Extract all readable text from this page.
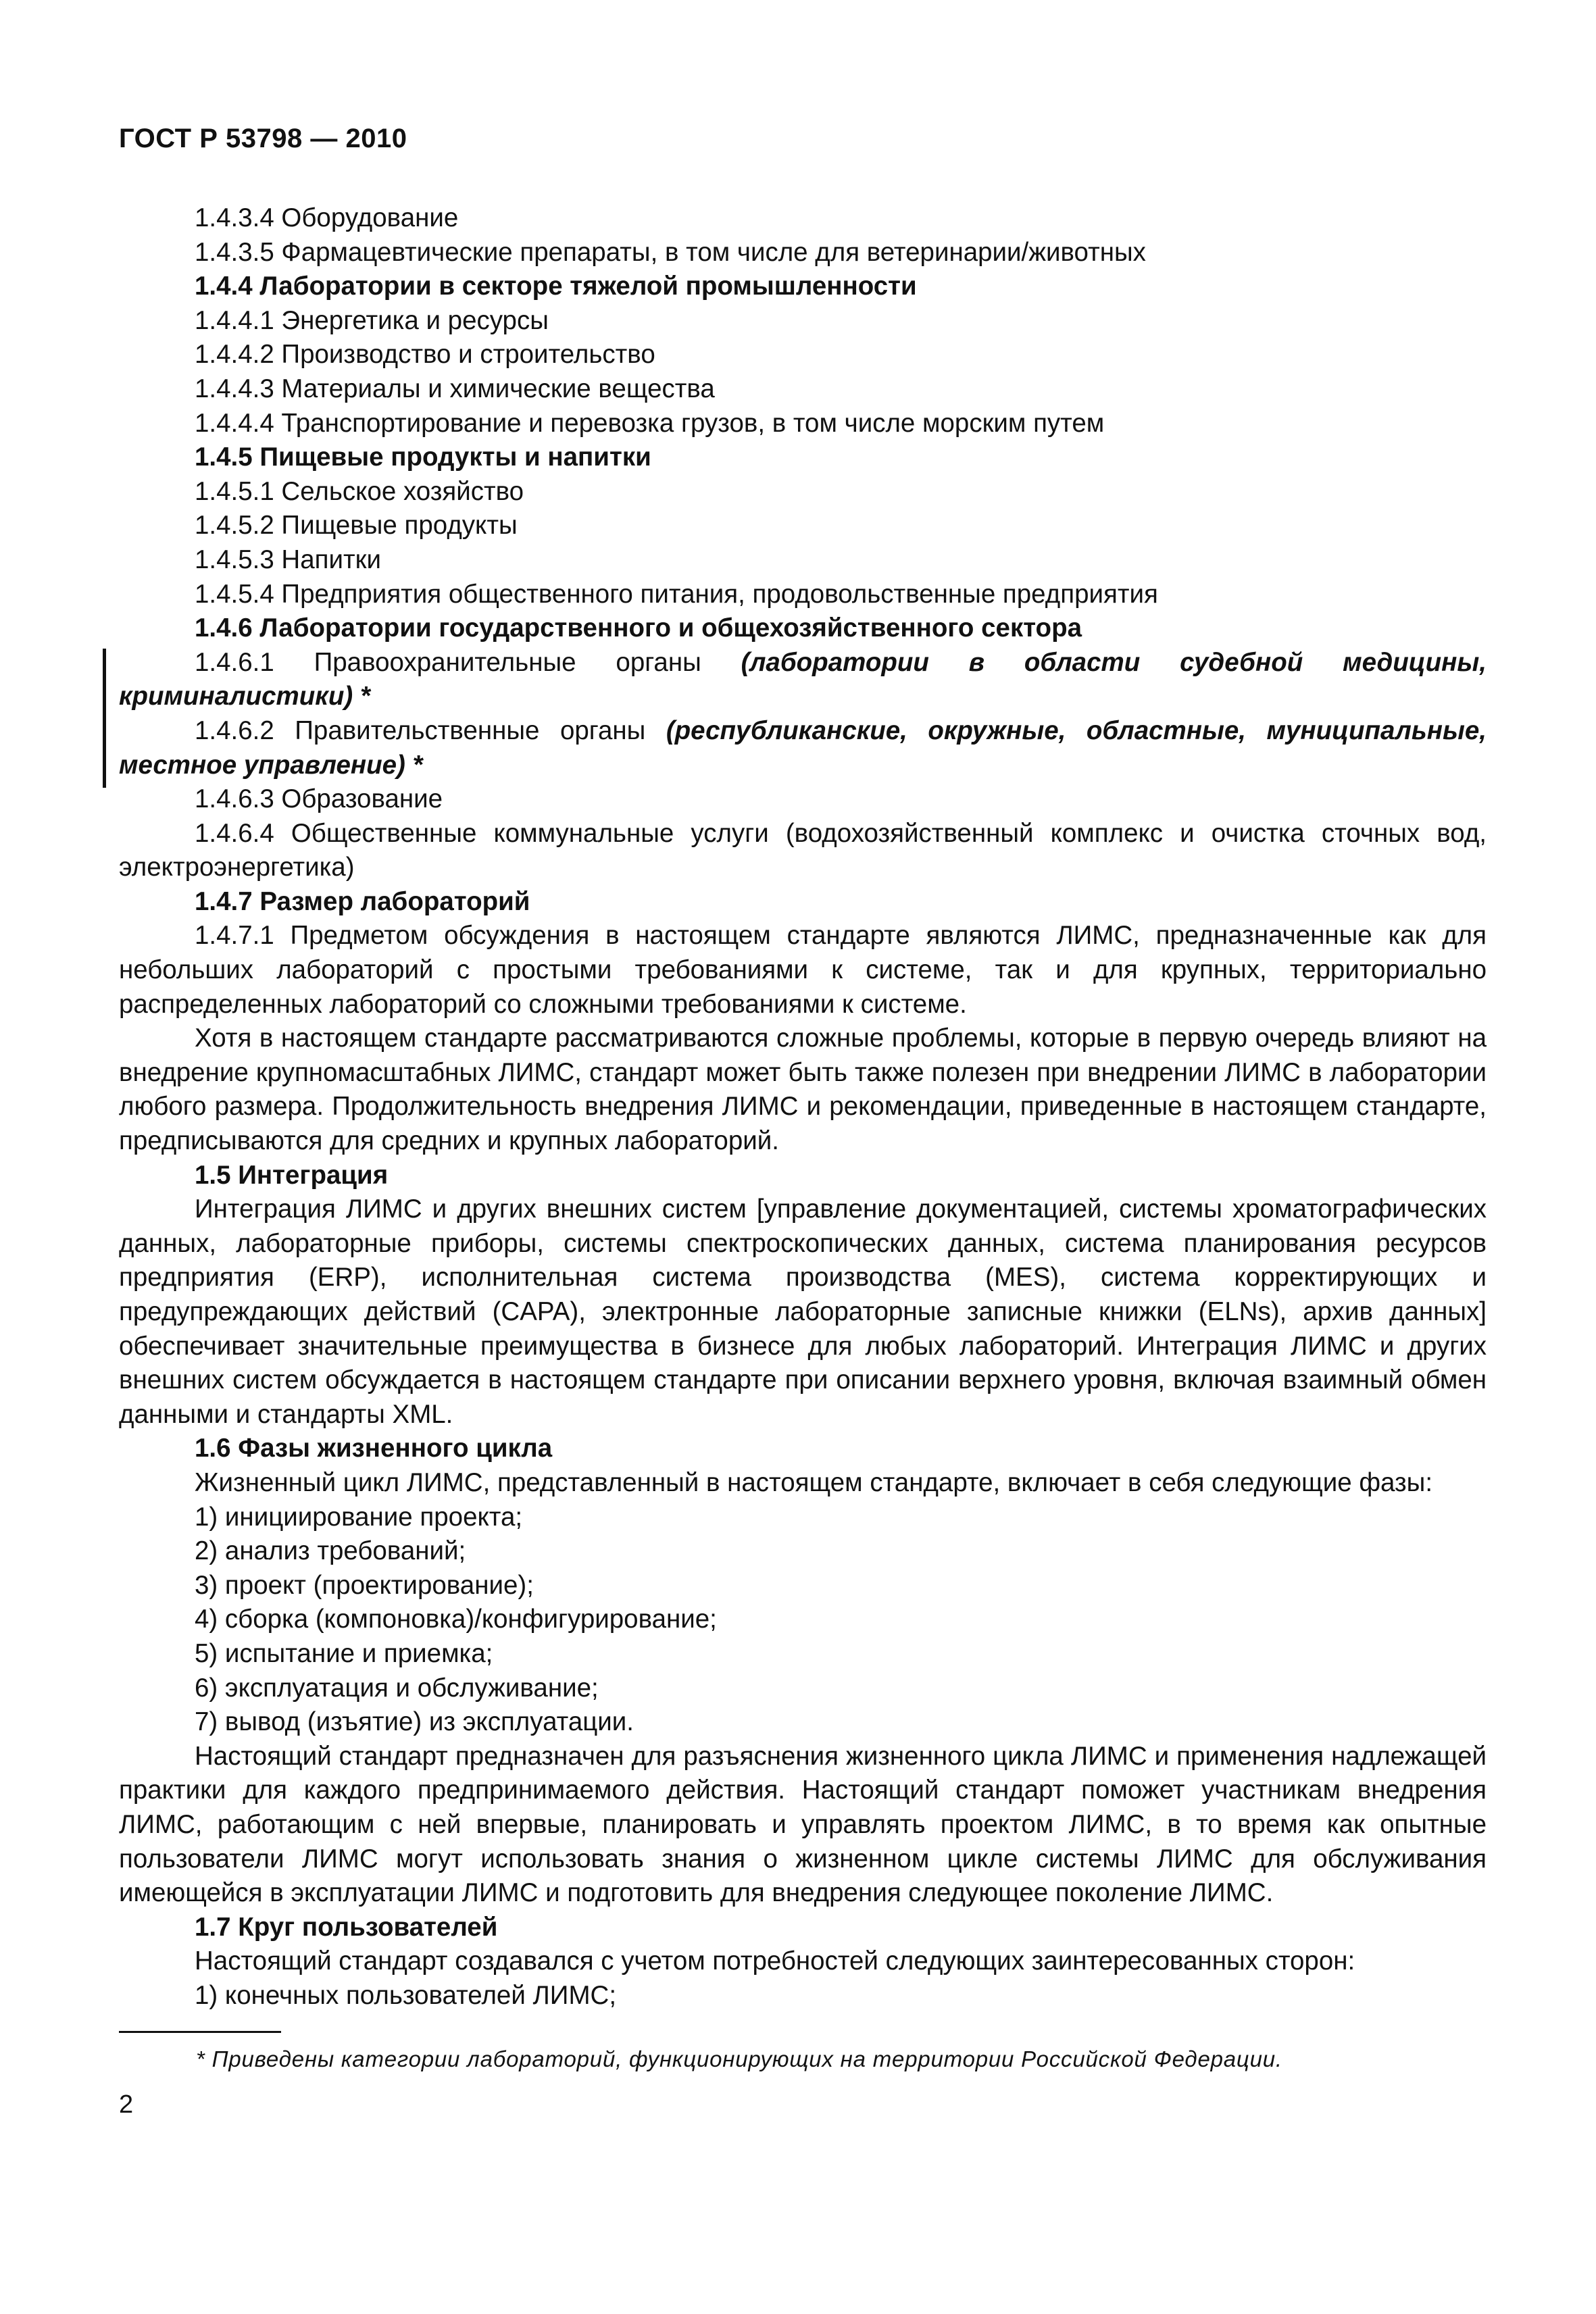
ГОСТ Р 53798 — 2010

1.4.3.4 Оборудование

1.4.3.5 Фармацевтические препараты, в том числе для ветеринарии/животных

1.4.4 Лаборатории в секторе тяжелой промышленности

1.4.4.1 Энергетика и ресурсы

1.4.4.2 Производство и строительство

1.4.4.3 Материалы и химические вещества

1.4.4.4 Транспортирование и перевозка грузов, в том числе морским путем

1.4.5 Пищевые продукты и напитки

1.4.5.1 Сельское хозяйство

1.4.5.2 Пищевые продукты

1.4.5.3 Напитки

1.4.5.4 Предприятия общественного питания, продовольственные предприятия

1.4.6 Лаборатории государственного и общехозяйственного сектора

1.4.6.1 Правоохранительные органы (лаборатории в области судебной медицины, криминалистики) *

1.4.6.2 Правительственные органы (республиканские, окружные, областные, муниципальные, местное управление) *

1.4.6.3 Образование

1.4.6.4 Общественные коммунальные услуги (водохозяйственный комплекс и очистка сточных вод, электроэнергетика)

1.4.7 Размер лабораторий

1.4.7.1 Предметом обсуждения в настоящем стандарте являются ЛИМС, предназначенные как для небольших лабораторий с простыми требованиями к системе, так и для крупных, территориально распределенных лабораторий со сложными требованиями к системе.

Хотя в настоящем стандарте рассматриваются сложные проблемы, которые в первую очередь влияют на внедрение крупномасштабных ЛИМС, стандарт может быть также полезен при внедрении ЛИМС в лаборатории любого размера. Продолжительность внедрения ЛИМС и рекомендации, приведенные в настоящем стандарте, предписываются для средних и крупных лабораторий.

1.5 Интеграция

Интеграция ЛИМС и других внешних систем [управление документацией, системы хроматографических данных, лабораторные приборы, системы спектроскопических данных, система планирования ресурсов предприятия (ERP), исполнительная система производства (MES), система корректирующих и предупреждающих действий (CAPA), электронные лабораторные записные книжки (ELNs), архив данных] обеспечивает значительные преимущества в бизнесе для любых лабораторий. Интеграция ЛИМС и других внешних систем обсуждается в настоящем стандарте при описании верхнего уровня, включая взаимный обмен данными и стандарты XML.

1.6 Фазы жизненного цикла

Жизненный цикл ЛИМС, представленный в настоящем стандарте, включает в себя следующие фазы:

1) инициирование проекта;

2) анализ требований;

3) проект (проектирование);

4) сборка (компоновка)/конфигурирование;

5) испытание и приемка;

6) эксплуатация и обслуживание;

7) вывод (изъятие) из эксплуатации.

Настоящий стандарт предназначен для разъяснения жизненного цикла ЛИМС и применения надлежащей практики для каждого предпринимаемого действия. Настоящий стандарт поможет участникам внедрения ЛИМС, работающим с ней впервые, планировать и управлять проектом ЛИМС, в то время как опытные пользователи ЛИМС могут использовать знания о жизненном цикле системы ЛИМС для обслуживания имеющейся в эксплуатации ЛИМС и подготовить для внедрения следующее поколение ЛИМС.

1.7 Круг пользователей

Настоящий стандарт создавался с учетом потребностей следующих заинтересованных сторон:

1) конечных пользователей ЛИМС;

* Приведены категории лабораторий, функционирующих на территории Российской Федерации.
2
